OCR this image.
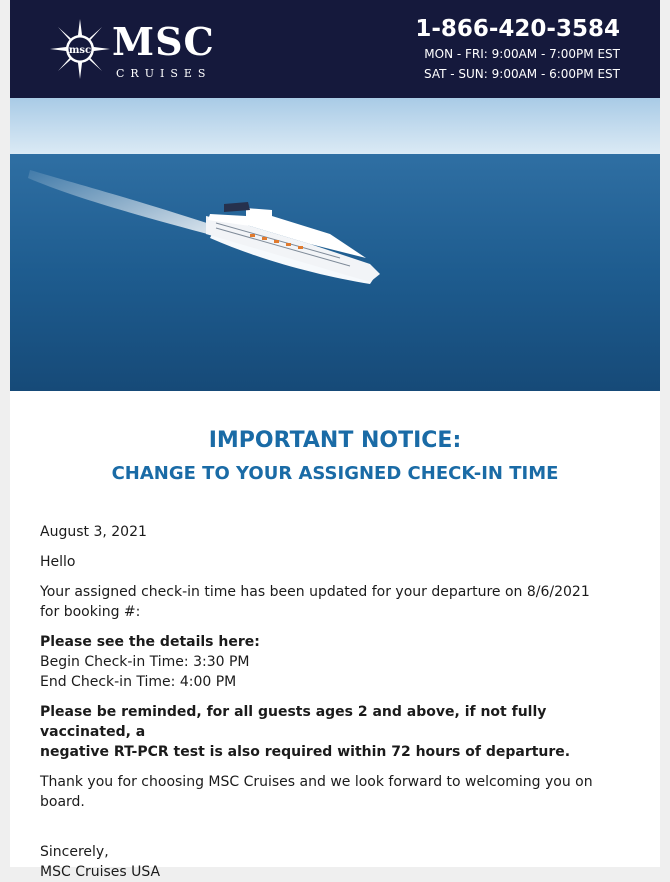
msc MSC
CRUISES
1-866-420-3584
MON - FRI: 9:00AM - 7:00PM EST
SAT - SUN: 9:00AM - 6:00PM EST
IMPORTANT NOTICE:
CHANGE TO YOUR ASSIGNED CHECK-IN TIME
August 3, 2021
Hello
Your assigned check-in time has been updated for your departure on 8/6/2021
for booking #:
Please see the details here:
Begin Check-in Time: 3:30 PM
End Check-in Time: 4:00 PM
Please be reminded, for all guests ages 2 and above, if not fully vaccinated, a
negative RT-PCR test is also required within 72 hours of departure.
Thank you for choosing MSC Cruises and we look forward to welcoming you on board.
Sincerely,
MSC Cruises USA
